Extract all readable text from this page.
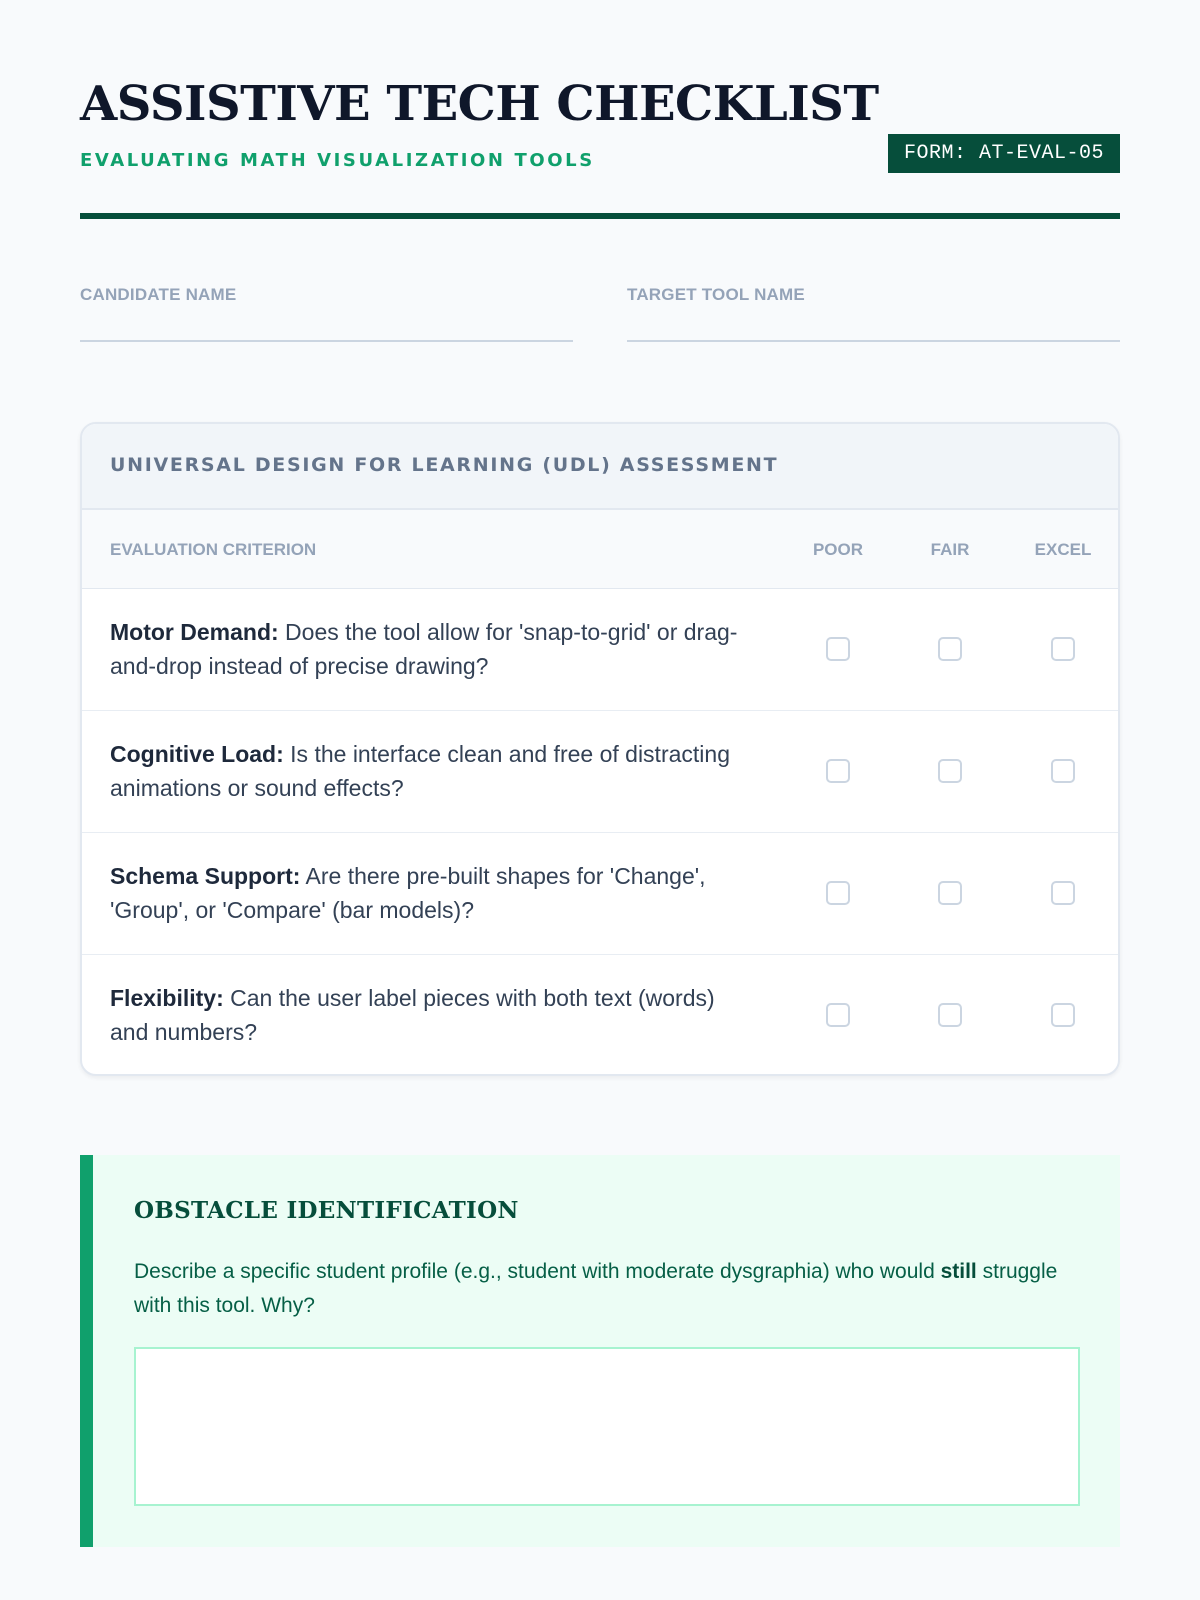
ASSISTIVE TECH CHECKLIST
EVALUATING MATH VISUALIZATION TOOLS	FORM: AT-EVAL-05
CANDIDATE NAME	TARGET TOOL NAME
UNIVERSAL DESIGN FOR LEARNING (UDL) ASSESSMENT
EVALUATION CRITERION	POOR	FAIR	EXCEL
Motor Demand: Does the tool allow for 'snap-to-grid' or drag-and-drop instead of precise drawing?
Cognitive Load: Is the interface clean and free of distracting animations or sound effects?
Schema Support: Are there pre-built shapes for 'Change', 'Group', or 'Compare' (bar models)?
Flexibility: Can the user label pieces with both text (words) and numbers?
OBSTACLE IDENTIFICATION
Describe a specific student profile (e.g., student with moderate dysgraphia) who would still struggle with this tool. Why?
